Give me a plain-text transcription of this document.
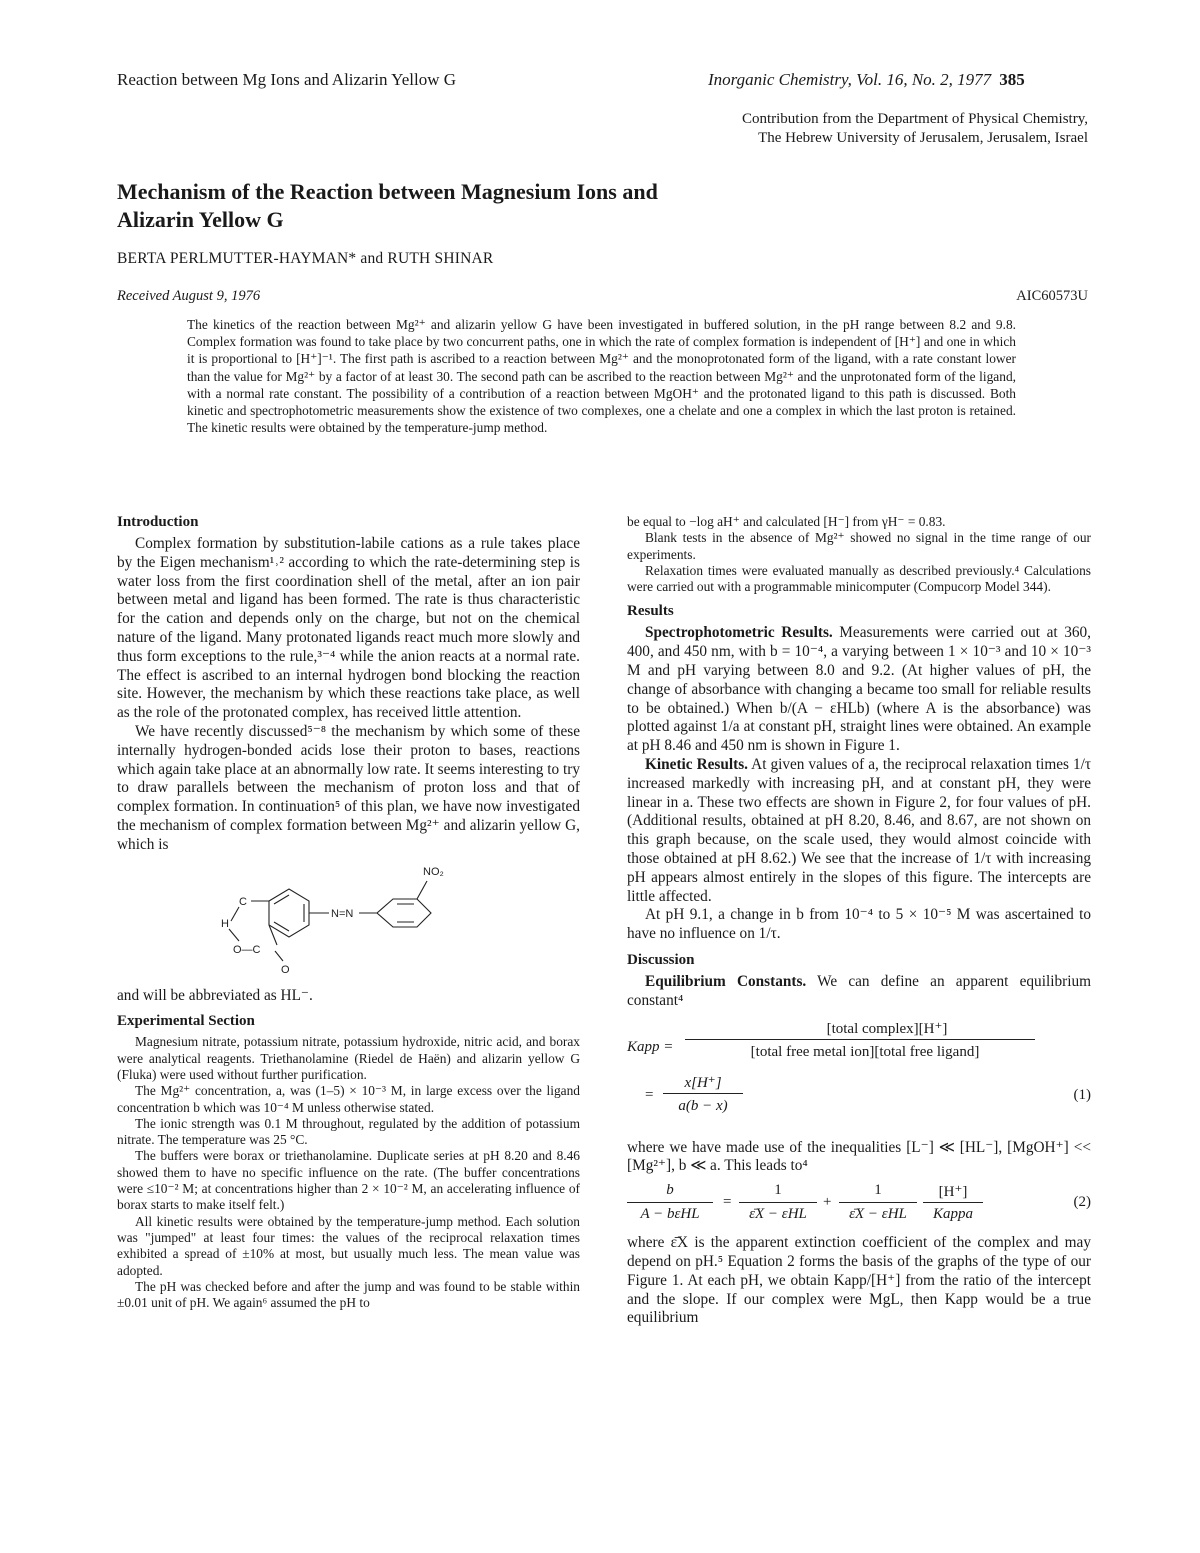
Reaction between Mg Ions and Alizarin Yellow G	Inorganic Chemistry, Vol. 16, No. 2, 1977 385
Contribution from the Department of Physical Chemistry,
The Hebrew University of Jerusalem, Jerusalem, Israel
Mechanism of the Reaction between Magnesium Ions and
Alizarin Yellow G
BERTA PERLMUTTER-HAYMAN* and RUTH SHINAR
Received August 9, 1976	AIC60573U
The kinetics of the reaction between Mg²⁺ and alizarin yellow G have been investigated in buffered solution, in the pH range between 8.2 and 9.8. Complex formation was found to take place by two concurrent paths, one in which the rate of complex formation is independent of [H⁺] and one in which it is proportional to [H⁺]⁻¹. The first path is ascribed to a reaction between Mg²⁺ and the monoprotonated form of the ligand, with a rate constant lower than the value for Mg²⁺ by a factor of at least 30. The second path can be ascribed to the reaction between Mg²⁺ and the unprotonated form of the ligand, with a normal rate constant. The possibility of a contribution of a reaction between MgOH⁺ and the protonated ligand to this path is discussed. Both kinetic and spectrophotometric measurements show the existence of two complexes, one a chelate and one a complex in which the last proton is retained. The kinetic results were obtained by the temperature-jump method.
Introduction

Complex formation by substitution-labile cations as a rule takes place by the Eigen mechanism¹˒² according to which the rate-determining step is water loss from the first coordination shell of the metal, after an ion pair between metal and ligand has been formed. The rate is thus characteristic for the cation and depends only on the charge, but not on the chemical nature of the ligand. Many protonated ligands react much more slowly and thus form exceptions to the rule,³⁻⁴ while the anion reacts at a normal rate. The effect is ascribed to an internal hydrogen bond blocking the reaction site. However, the mechanism by which these reactions take place, as well as the role of the protonated complex, has received little attention.

We have recently discussed⁵⁻⁸ the mechanism by which some of these internally hydrogen-bonded acids lose their proton to bases, reactions which again take place at an abnormally low rate. It seems interesting to try to draw parallels between the mechanism of proton loss and that of complex formation. In continuation⁵ of this plan, we have now investigated the mechanism of complex formation between Mg²⁺ and alizarin yellow G, which is

C
H
O—C
O
N=N
NO₂

and will be abbreviated as HL⁻.

Experimental Section

Magnesium nitrate, potassium nitrate, potassium hydroxide, nitric acid, and borax were analytical reagents. Triethanolamine (Riedel de Haën) and alizarin yellow G (Fluka) were used without further purification.

The Mg²⁺ concentration, a, was (1–5) × 10⁻³ M, in large excess over the ligand concentration b which was 10⁻⁴ M unless otherwise stated.

The ionic strength was 0.1 M throughout, regulated by the addition of potassium nitrate. The temperature was 25 °C.

The buffers were borax or triethanolamine. Duplicate series at pH 8.20 and 8.46 showed them to have no specific influence on the rate. (The buffer concentrations were ≤10⁻² M; at concentrations higher than 2 × 10⁻² M, an accelerating influence of borax starts to make itself felt.)

All kinetic results were obtained by the temperature-jump method. Each solution was "jumped" at least four times: the values of the reciprocal relaxation times exhibited a spread of ±10% at most, but usually much less. The mean value was adopted.

The pH was checked before and after the jump and was found to be stable within ±0.01 unit of pH. We again⁶ assumed the pH to

be equal to −log aH⁺ and calculated [H⁻] from γH⁻ = 0.83.

Blank tests in the absence of Mg²⁺ showed no signal in the time range of our experiments.

Relaxation times were evaluated manually as described previously.⁴ Calculations were carried out with a programmable minicomputer (Compucorp Model 344).

Results

Spectrophotometric Results. Measurements were carried out at 360, 400, and 450 nm, with b = 10⁻⁴, a varying between 1 × 10⁻³ and 10 × 10⁻³ M and pH varying between 8.0 and 9.2. (At higher values of pH, the change of absorbance with changing a became too small for reliable results to be obtained.) When b/(A − εHLb) (where A is the absorbance) was plotted against 1/a at constant pH, straight lines were obtained. An example at pH 8.46 and 450 nm is shown in Figure 1.

Kinetic Results. At given values of a, the reciprocal relaxation times 1/τ increased markedly with increasing pH, and at constant pH, they were linear in a. These two effects are shown in Figure 2, for four values of pH. (Additional results, obtained at pH 8.20, 8.46, and 8.67, are not shown on this graph because, on the scale used, they would almost coincide with those obtained at pH 8.62.) We see that the increase of 1/τ with increasing pH appears almost entirely in the slopes of this figure. The intercepts are little affected.

At pH 9.1, a change in b from 10⁻⁴ to 5 × 10⁻⁵ M was ascertained to have no influence on 1/τ.

Discussion

Equilibrium Constants. We can define an apparent equilibrium constant⁴

Kapp =
[total complex][H⁺]
[total free metal ion][total free ligand]
=
x[H⁺]
a(b − x)
(1)

where we have made use of the inequalities [L⁻] ≪ [HL⁻], [MgOH⁺] << [Mg²⁺], b ≪ a. This leads to⁴

b
A − bεHL
=
1
ε̄X − εHL
+
1
ε̄X − εHL
[H⁺]
Kappa
(2)

where ε̄X is the apparent extinction coefficient of the complex and may depend on pH.⁵ Equation 2 forms the basis of the graphs of the type of our Figure 1. At each pH, we obtain Kapp/[H⁺] from the ratio of the intercept and the slope. If our complex were MgL, then Kapp would be a true equilibrium
